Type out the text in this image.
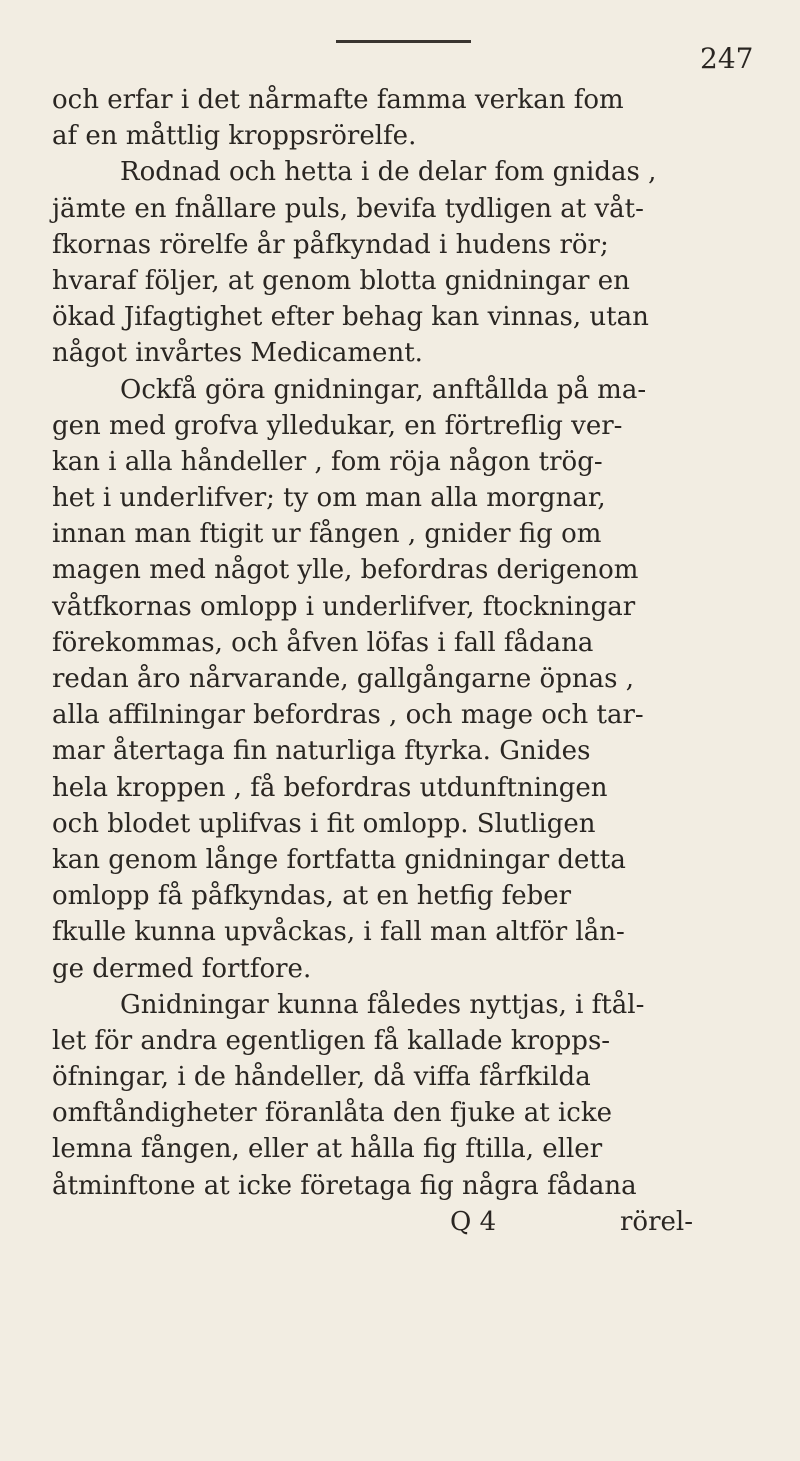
247
och erfar i det nårmafte famma verkan fom
af en måttlig kroppsrörelfe.
Rodnad och hetta i de delar fom gnidas ,
jämte en fnållare puls, bevifa tydligen at våt-
fkornas rörelfe år påfkyndad i hudens rör;
hvaraf följer, at genom blotta gnidningar en
ökad Jifagtighet efter behag kan vinnas, utan
något invårtes Medicament.
Ockfå göra gnidningar, anftållda på ma-
gen med grofva ylledukar, en förtreflig ver-
kan i alla håndeller , fom röja någon trög-
het i underlifver; ty om man alla morgnar,
innan man ftigit ur fången , gnider fig om
magen med något ylle, befordras derigenom
våtfkornas omlopp i underlifver, ftockningar
förekommas, och åfven löfas i fall fådana
redan åro nårvarande, gallgångarne öpnas ,
alla affilningar befordras , och mage och tar-
mar återtaga fin naturliga ftyrka. Gnides
hela kroppen , få befordras utdunftningen
och blodet uplifvas i fit omlopp. Slutligen
kan genom långe fortfatta gnidningar detta
omlopp få påfkyndas, at en hetfig feber
fkulle kunna upvåckas, i fall man altför lån-
ge dermed fortfore.
Gnidningar kunna fåledes nyttjas, i ftål-
let för andra egentligen få kallade kropps-
öfningar, i de håndeller, då viffa fårfkilda
omftåndigheter föranlåta den fjuke at icke
lemna fången, eller at hålla fig ftilla, eller
åtminftone at icke företaga fig några fådana
Q 4	rörel-
